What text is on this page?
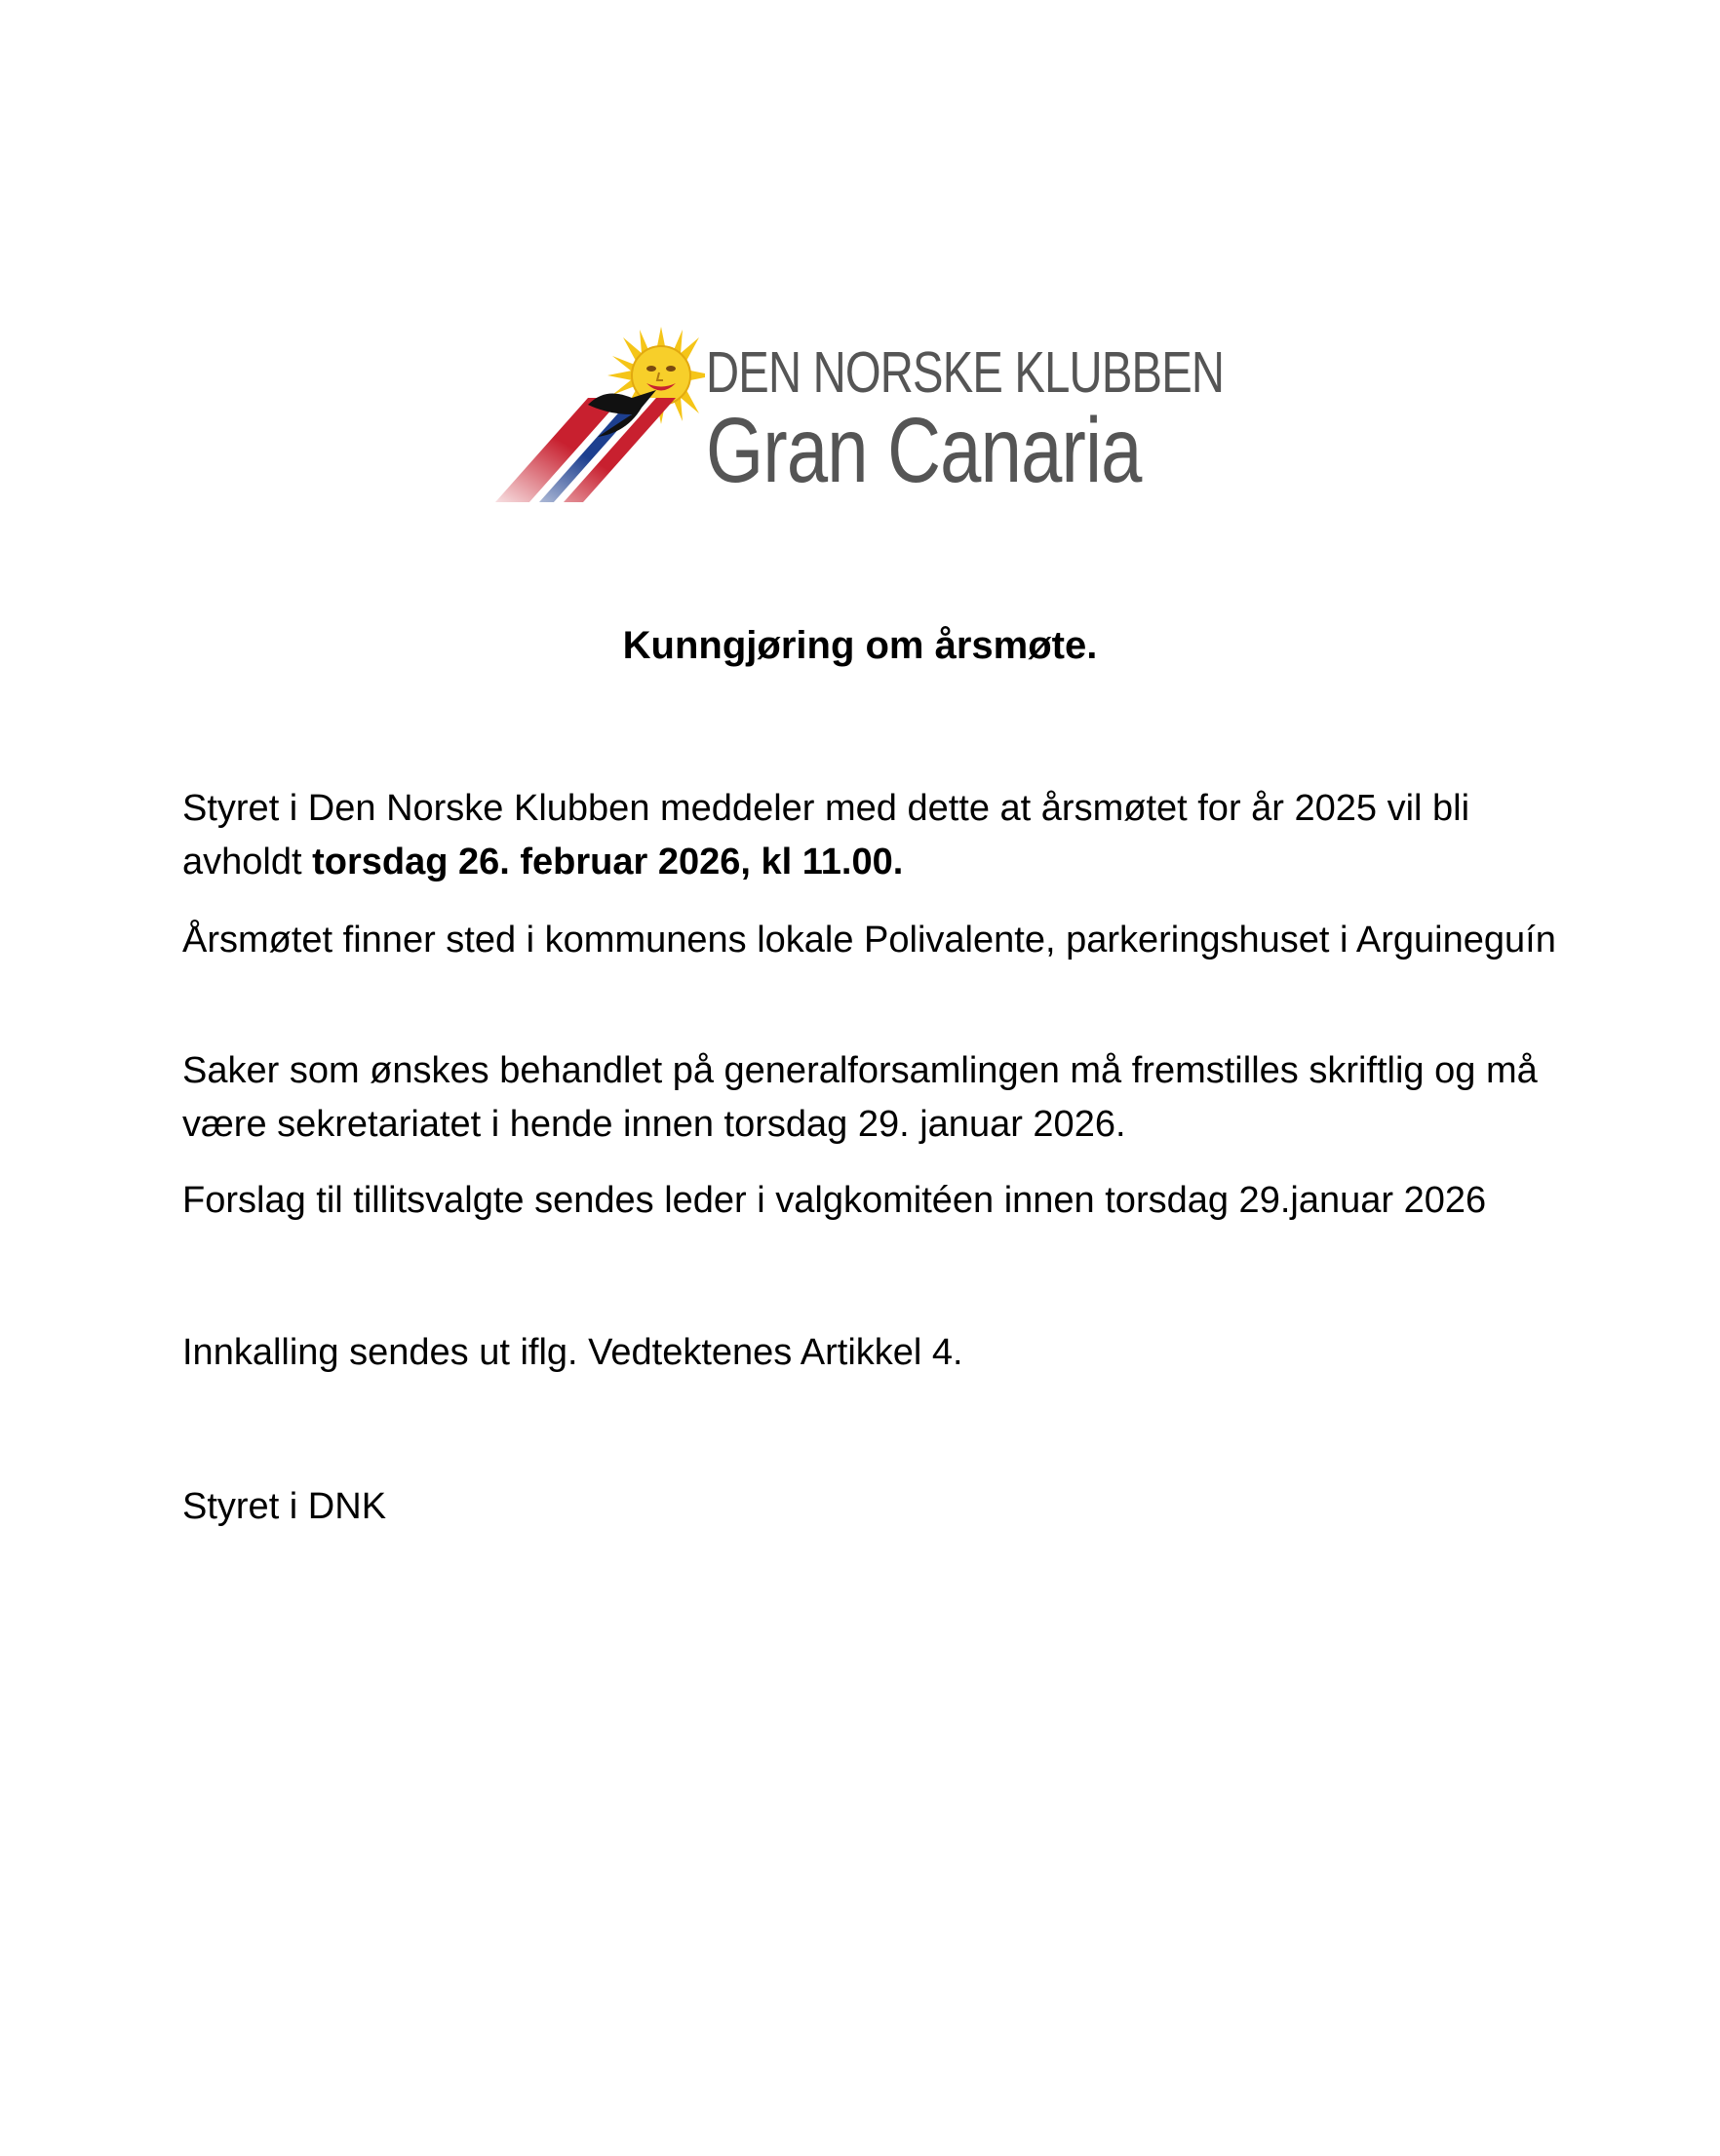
DEN NORSKE KLUBBEN
Gran Canaria
Kunngjøring om årsmøte.

Styret i Den Norske Klubben meddeler med dette at årsmøtet for år 2025 vil bli avholdt torsdag 26. februar 2026, kl 11.00.

Årsmøtet finner sted i kommunens lokale Polivalente, parkeringshuset i Arguineguín

Saker som ønskes behandlet på generalforsamlingen må fremstilles skriftlig og må være sekretariatet i hende innen torsdag 29. januar 2026.

Forslag til tillitsvalgte sendes leder i valgkomitéen innen torsdag 29.januar 2026

Innkalling sendes ut iflg. Vedtektenes Artikkel 4.

Styret i DNK
